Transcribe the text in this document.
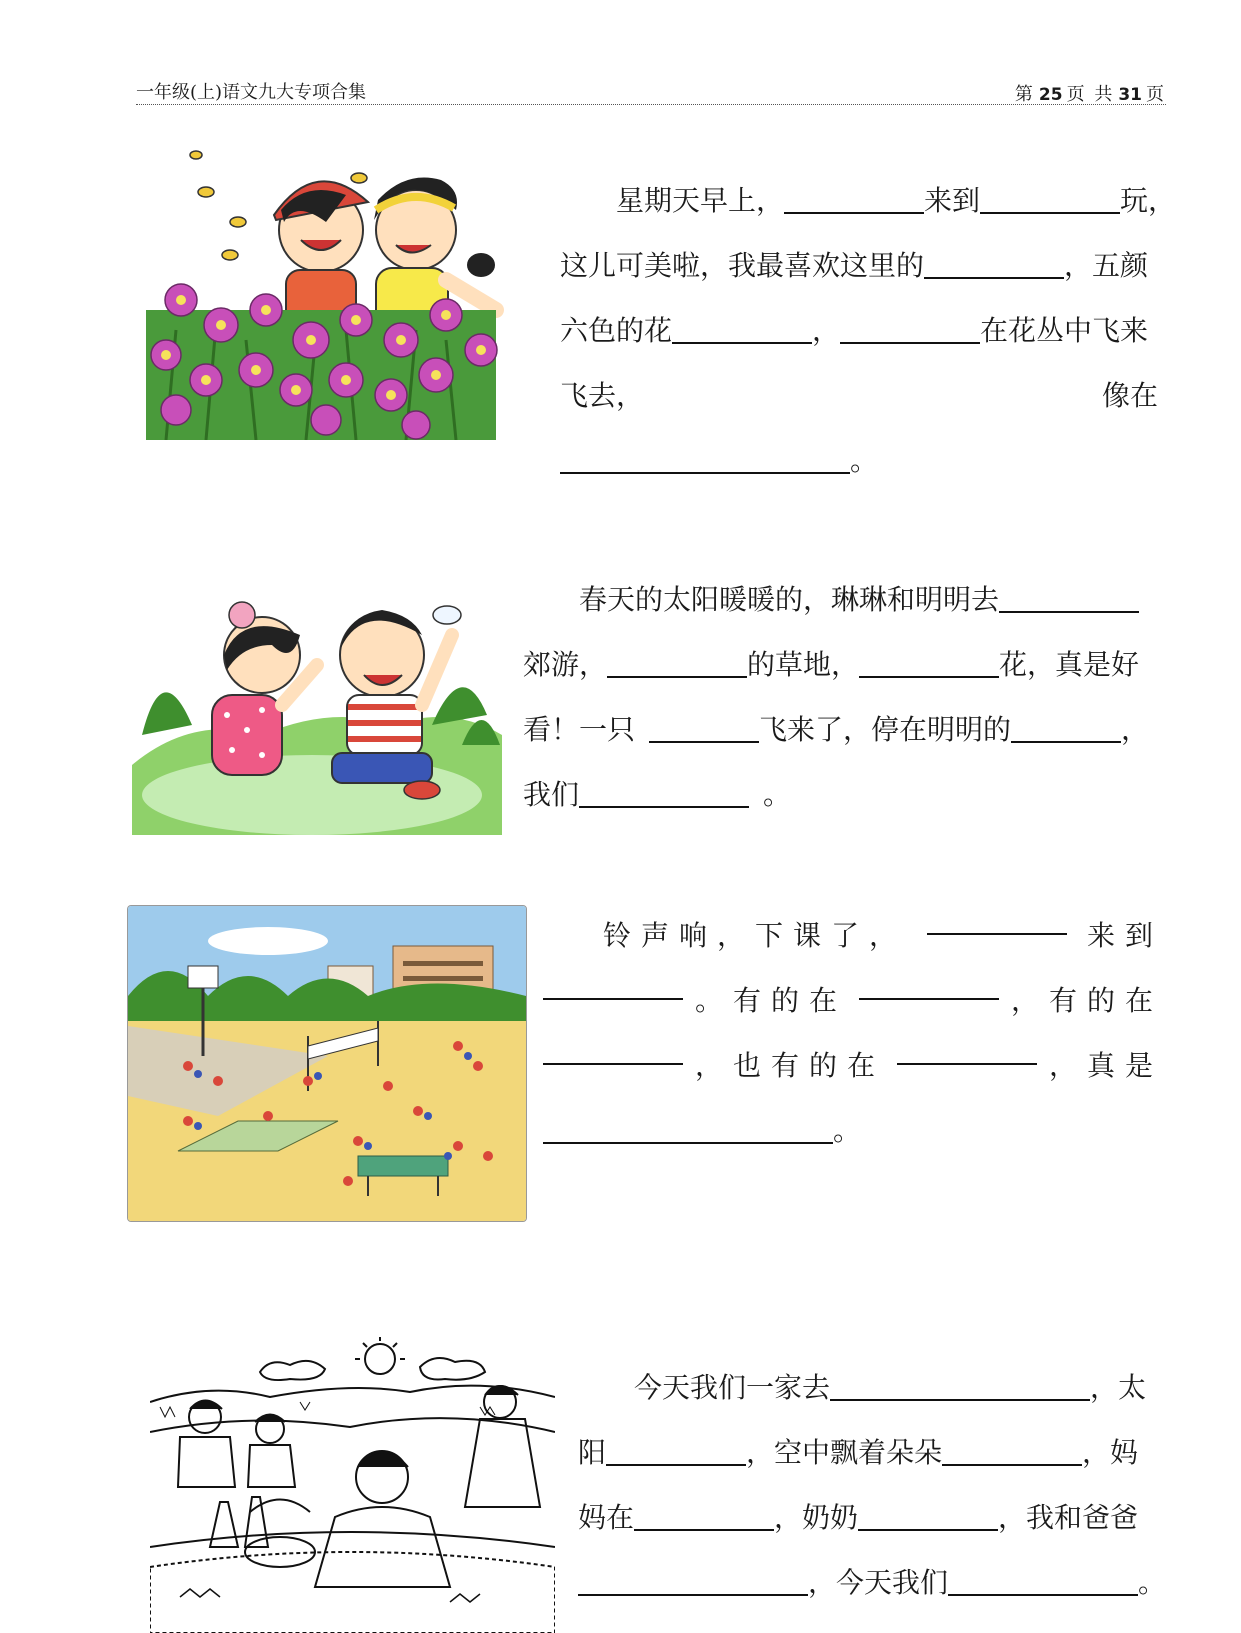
一年级(上)语文九大专项合集	第 25 页 共 31 页
星期天早上，	来到	玩，
这儿可美啦，我最喜欢这里的	，五颜
六色的花	，	在花丛中飞来
飞去，	像在
。
春天的太阳暖暖的，琳琳和明明去
郊游，	的草地，	花，真是好
看！一只	飞来了，停在明明的	，
我们	。
铃声响，下课了，	来到
。有的在	，有的在
，也有的在	，真是
。
今天我们一家去	，太
阳	，空中飘着朵朵	，妈
妈在	，奶奶	，我和爸爸
，今天我们	。
